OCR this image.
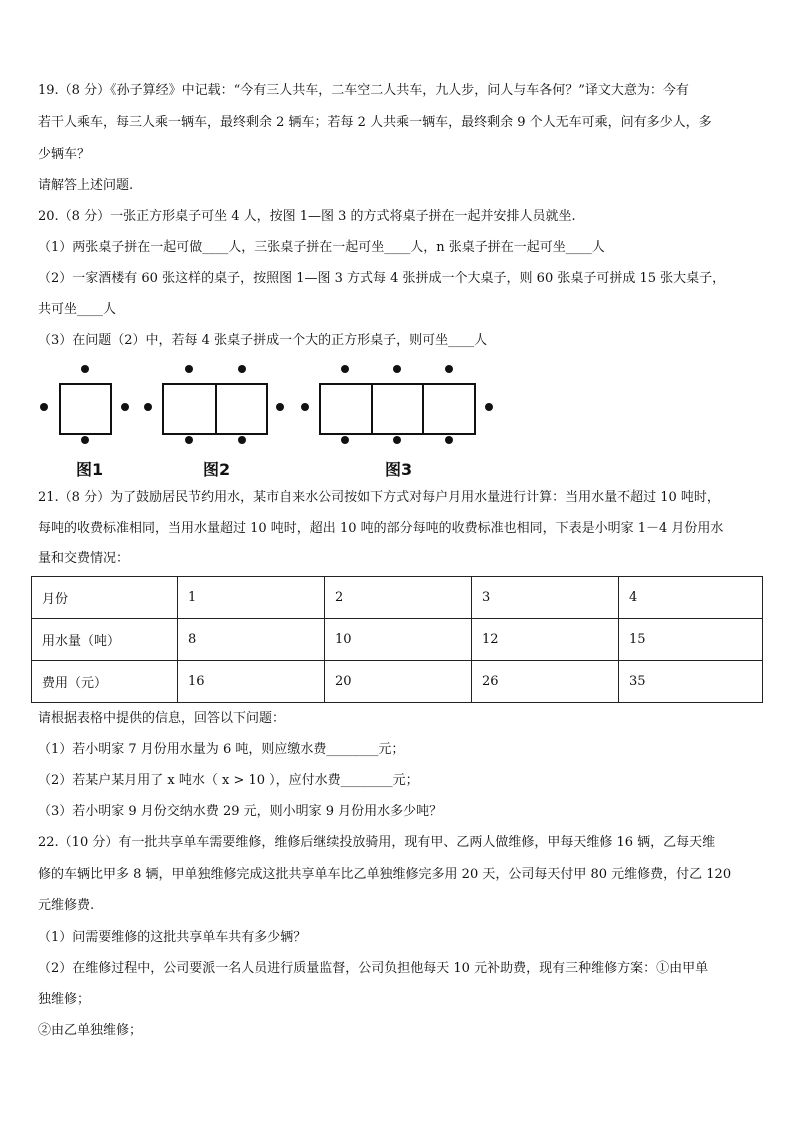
19.（8 分）《孙子算经》中记载：“今有三人共车，二车空二人共车，九人步，问人与车各何？”译文大意为：今有
若干人乘车，每三人乘一辆车，最终剩余 2 辆车；若每 2 人共乘一辆车，最终剩余 9 个人无车可乘，问有多少人，多
少辆车？
请解答上述问题.
20.（8 分）一张正方形桌子可坐 4 人，按图 1—图 3 的方式将桌子拼在一起并安排人员就坐.
（1）两张桌子拼在一起可做____人，三张桌子拼在一起可坐____人，n 张桌子拼在一起可坐____人
（2）一家酒楼有 60 张这样的桌子，按照图 1—图 3 方式每 4 张拼成一个大桌子，则 60 张桌子可拼成 15 张大桌子，
共可坐____人
（3）在问题（2）中，若每 4 张桌子拼成一个大的正方形桌子，则可坐____人
图1	图2	图3
21.（8 分）为了鼓励居民节约用水，某市自来水公司按如下方式对每户月用水量进行计算：当用水量不超过 10 吨时，
每吨的收费标准相同，当用水量超过 10 吨时，超出 10 吨的部分每吨的收费标准也相同，下表是小明家 1－4 月份用水
量和交费情况：
月份	1	2	3	4
用水量（吨）	8	10	12	15
费用（元）	16	20	26	35
请根据表格中提供的信息，回答以下问题：
（1）若小明家 7 月份用水量为 6 吨，则应缴水费________元；
（2）若某户某月用了 x 吨水（ x > 10 ），应付水费________元；
（3）若小明家 9 月份交纳水费 29 元，则小明家 9 月份用水多少吨？
22.（10 分）有一批共享单车需要维修，维修后继续投放骑用，现有甲、乙两人做维修，甲每天维修 16 辆，乙每天维
修的车辆比甲多 8 辆，甲单独维修完成这批共享单车比乙单独维修完多用 20 天，公司每天付甲 80 元维修费，付乙 120
元维修费.
（1）问需要维修的这批共享单车共有多少辆？
（2）在维修过程中，公司要派一名人员进行质量监督，公司负担他每天 10 元补助费，现有三种维修方案：①由甲单
独维修；
②由乙单独维修；
